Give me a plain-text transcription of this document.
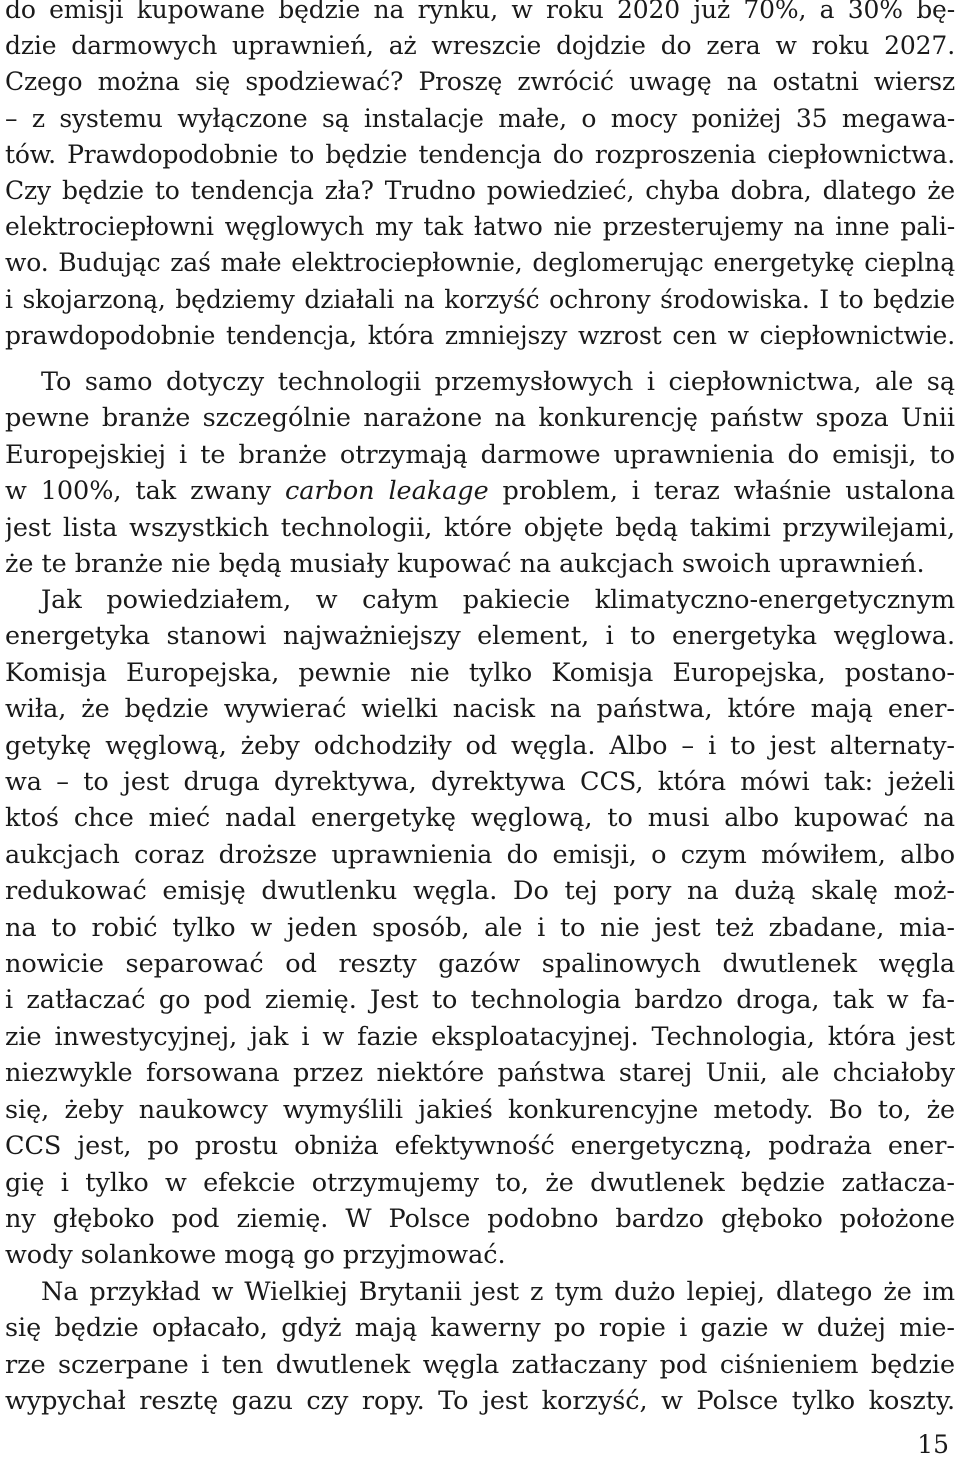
do emisji kupowane będzie na rynku, w roku 2020 już 70%, a 30% bę-
dzie darmowych uprawnień, aż wreszcie dojdzie do zera w roku 2027.
Czego można się spodziewać? Proszę zwrócić uwagę na ostatni wiersz
– z systemu wyłączone są instalacje małe, o mocy poniżej 35 megawa-
tów. Prawdopodobnie to będzie tendencja do rozproszenia ciepłownictwa.
Czy będzie to tendencja zła? Trudno powiedzieć, chyba dobra, dlatego że
elektrociepłowni węglowych my tak łatwo nie przesterujemy na inne pali-
wo. Budując zaś małe elektrociepłownie, deglomerując energetykę cieplną
i skojarzoną, będziemy działali na korzyść ochrony środowiska. I to będzie
prawdopodobnie tendencja, która zmniejszy wzrost cen w ciepłownictwie.

To samo dotyczy technologii przemysłowych i ciepłownictwa, ale są
pewne branże szczególnie narażone na konkurencję państw spoza Unii
Europejskiej i te branże otrzymają darmowe uprawnienia do emisji, to
w 100%, tak zwany carbon leakage problem, i teraz właśnie ustalona
jest lista wszystkich technologii, które objęte będą takimi przywilejami,
że te branże nie będą musiały kupować na aukcjach swoich uprawnień.

Jak powiedziałem, w całym pakiecie klimatyczno-energetycznym
energetyka stanowi najważniejszy element, i to energetyka węglowa.
Komisja Europejska, pewnie nie tylko Komisja Europejska, postano-
wiła, że będzie wywierać wielki nacisk na państwa, które mają ener-
getykę węglową, żeby odchodziły od węgla. Albo – i to jest alternaty-
wa – to jest druga dyrektywa, dyrektywa CCS, która mówi tak: jeżeli
ktoś chce mieć nadal energetykę węglową, to musi albo kupować na
aukcjach coraz droższe uprawnienia do emisji, o czym mówiłem, albo
redukować emisję dwutlenku węgla. Do tej pory na dużą skalę moż-
na to robić tylko w jeden sposób, ale i to nie jest też zbadane, mia-
nowicie separować od reszty gazów spalinowych dwutlenek węgla
i zatłaczać go pod ziemię. Jest to technologia bardzo droga, tak w fa-
zie inwestycyjnej, jak i w fazie eksploatacyjnej. Technologia, która jest
niezwykle forsowana przez niektóre państwa starej Unii, ale chciałoby
się, żeby naukowcy wymyślili jakieś konkurencyjne metody. Bo to, że
CCS jest, po prostu obniża efektywność energetyczną, podraża ener-
gię i tylko w efekcie otrzymujemy to, że dwutlenek będzie zatłacza-
ny głęboko pod ziemię. W Polsce podobno bardzo głęboko położone
wody solankowe mogą go przyjmować.

Na przykład w Wielkiej Brytanii jest z tym dużo lepiej, dlatego że im
się będzie opłacało, gdyż mają kawerny po ropie i gazie w dużej mie-
rze sczerpane i ten dwutlenek węgla zatłaczany pod ciśnieniem będzie
wypychał resztę gazu czy ropy. To jest korzyść, w Polsce tylko koszty.

15
